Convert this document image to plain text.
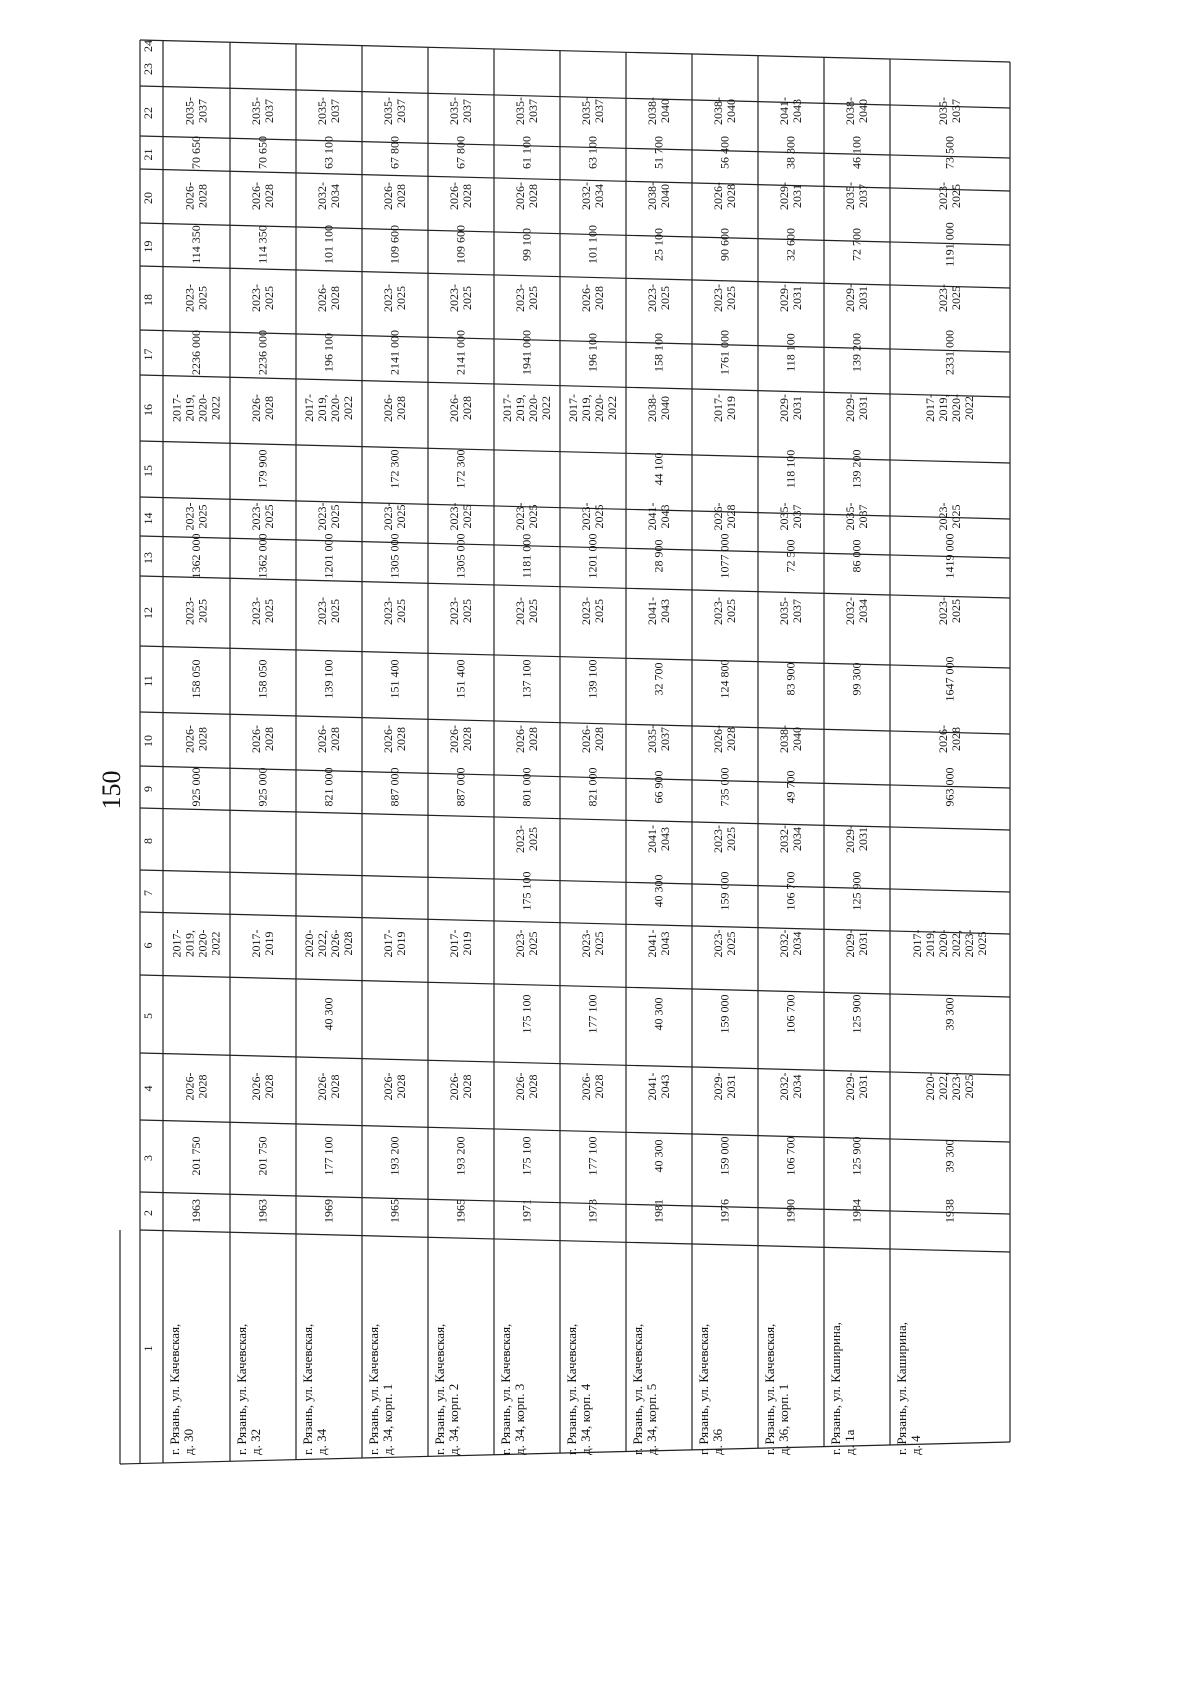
150
1
2
3
4
5
6
7
8
9
10
11
12
13
14
15
16
17
18
19
20
21
22
23
24
г. Рязань, ул. Качевская, д. 30
1963
201 750
2026- 2028
2017- 2019, 2020- 2022
925 000
2026- 2028
158 050
2023- 2025
1362 000
2023- 2025
2017- 2019, 2020- 2022
2236 000
2023- 2025
114 350
2026- 2028
70 650
2035- 2037
г. Рязань, ул. Качевская, д. 32
1963
201 750
2026- 2028
2017- 2019
925 000
2026- 2028
158 050
2023- 2025
1362 000
2023- 2025
179 900
2026- 2028
2236 000
2023- 2025
114 350
2026- 2028
70 650
2035- 2037
г. Рязань, ул. Качевская, д. 34
1969
177 100
2026- 2028
40 300
2020- 2022, 2026- 2028
821 000
2026- 2028
139 100
2023- 2025
1201 000
2023- 2025
2017- 2019, 2020- 2022
196 100
2026- 2028
101 100
2032- 2034
63 100
2035- 2037
г. Рязань, ул. Качевская, д. 34, корп. 1
1965
193 200
2026- 2028
2017- 2019
887 000
2026- 2028
151 400
2023- 2025
1305 000
2023- 2025
172 300
2026- 2028
2141 000
2023- 2025
109 600
2026- 2028
67 800
2035- 2037
г. Рязань, ул. Качевская, д. 34, корп. 2
1965
193 200
2026- 2028
2017- 2019
887 000
2026- 2028
151 400
2023- 2025
1305 000
2023- 2025
172 300
2026- 2028
2141 000
2023- 2025
109 600
2026- 2028
67 800
2035- 2037
г. Рязань, ул. Качевская, д. 34, корп. 3
1971
175 100
2026- 2028
175 100
2023- 2025
175 100
2023- 2025
801 000
2026- 2028
137 100
2023- 2025
1181 000
2023- 2025
2017- 2019, 2020- 2022
1941 000
2023- 2025
99 100
2026- 2028
61 100
2035- 2037
г. Рязань, ул. Качевская, д. 34, корп. 4
1973
177 100
2026- 2028
177 100
2023- 2025
821 000
2026- 2028
139 100
2023- 2025
1201 000
2023- 2025
2017- 2019, 2020- 2022
196 100
2026- 2028
101 100
2032- 2034
63 100
2035- 2037
г. Рязань, ул. Качевская, д. 34, корп. 5
1981
40 300
2041- 2043
40 300
2041- 2043
40 300
2041- 2043
66 900
2035- 2037
32 700
2041- 2043
28 900
2041- 2043
44 100
2038- 2040
158 100
2023- 2025
25 100
2038- 2040
51 700
2038- 2040
г. Рязань, ул. Качевская, д. 36
1976
159 000
2029- 2031
159 000
2023- 2025
159 000
2023- 2025
735 000
2026- 2028
124 800
2023- 2025
1077 000
2026- 2028
2017- 2019
1761 000
2023- 2025
90 600
2026- 2028
56 400
2038- 2040
г. Рязань, ул. Качевская, д. 36, корп. 1
1990
106 700
2032- 2034
106 700
2032- 2034
106 700
2032- 2034
49 700
2038- 2040
83 900
2035- 2037
72 500
2035- 2037
118 100
2029- 2031
118 100
2029- 2031
32 600
2029- 2031
38 300
2041- 2043
г. Рязань, ул. Каширина, д. 1а
1984
125 900
2029- 2031
125 900
2029- 2031
125 900
2029- 2031
99 300
2032- 2034
86 000
2035- 2037
139 200
2029- 2031
139 200
2029- 2031
72 700
2035- 2037
46 100
2038- 2040
г. Рязань, ул. Каширина, д. 4
1938
39 300
2020- 2022, 2023- 2025
39 300
2017- 2019, 2020- 2022, 2023- 2025
963 000
2026- 2028
1647 000
2023- 2025
1419 000
2023- 2025
2017- 2019, 2020- 2022
2331 000
2023- 2025
1191 000
2023- 2025
73 500
2035- 2037
